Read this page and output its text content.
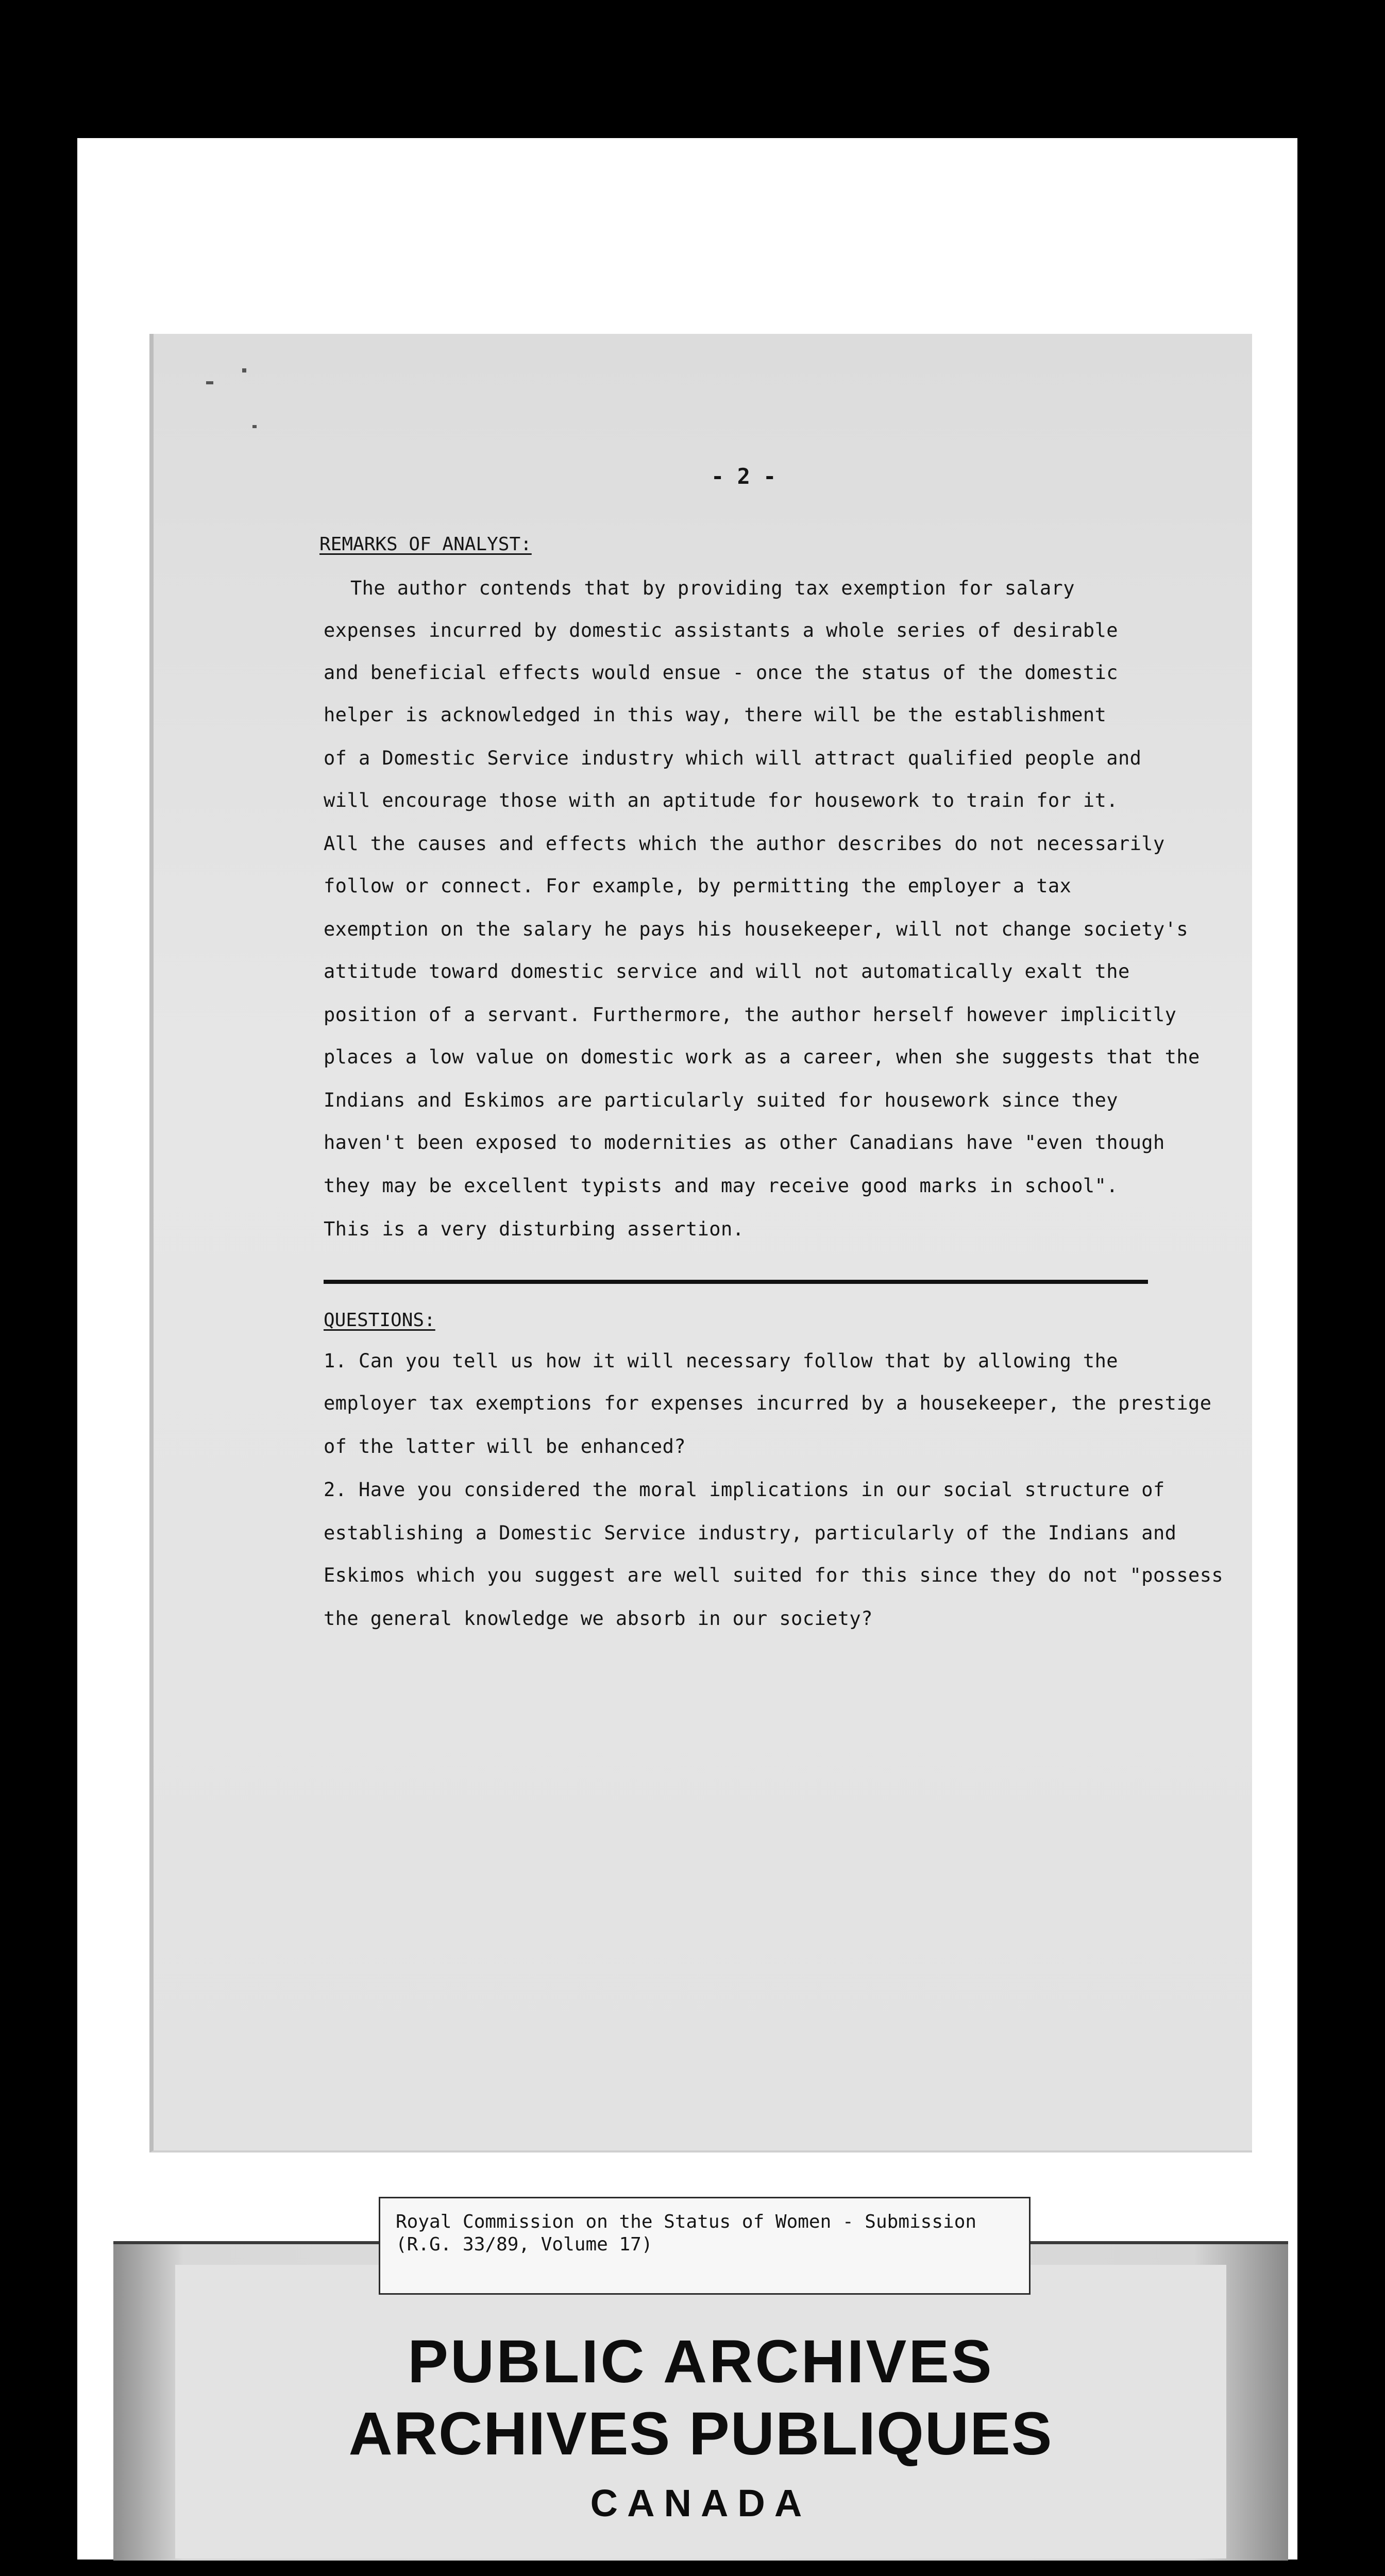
- 2 -
REMARKS OF ANALYST:
The author contends that by providing tax exemption for salary
expenses incurred by domestic assistants a whole series of desirable
and beneficial effects would ensue - once the status of the domestic
helper is acknowledged in this way, there will be the establishment
of a Domestic Service industry which will attract qualified people and
will encourage those with an aptitude for housework to train for it.
All the causes and effects which the author describes do not necessarily
follow or connect. For example, by permitting the employer a tax
exemption on the salary he pays his housekeeper, will not change society's
attitude toward domestic service and will not automatically exalt the
position of a servant. Furthermore, the author herself however implicitly
places a low value on domestic work as a career, when she suggests that the
Indians and Eskimos are particularly suited for housework since they
haven't been exposed to modernities as other Canadians have "even though
they may be excellent typists and may receive good marks in school".
This is a very disturbing assertion.
QUESTIONS:
1. Can you tell us how it will necessary follow that by allowing the
employer tax exemptions for expenses incurred by a housekeeper, the prestige
of the latter will be enhanced?
2. Have you considered the moral implications in our social structure of
establishing a Domestic Service industry, particularly of the Indians and
Eskimos which you suggest are well suited for this since they do not "possess
the general knowledge we absorb in our society?
PUBLIC ARCHIVES
ARCHIVES PUBLIQUES
CANADA
Royal Commission on the Status of Women - Submission
(R.G. 33/89, Volume 17)
